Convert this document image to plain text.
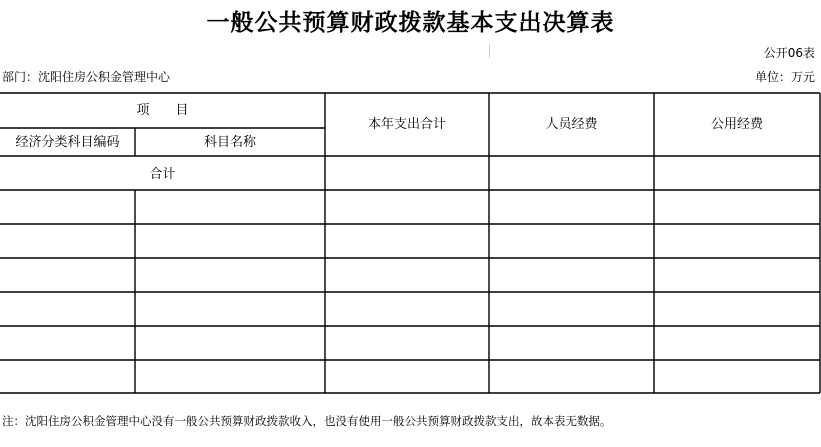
一般公共预算财政拨款基本支出决算表
公开06表
部门：沈阳住房公积金管理中心	单位：万元
项　　目
经济分类科目编码	科目名称
本年支出合计	人员经费	公用经费
合计
注：沈阳住房公积金管理中心没有一般公共预算财政拨款收入，也没有使用一般公共预算财政拨款支出，故本表无数据。
